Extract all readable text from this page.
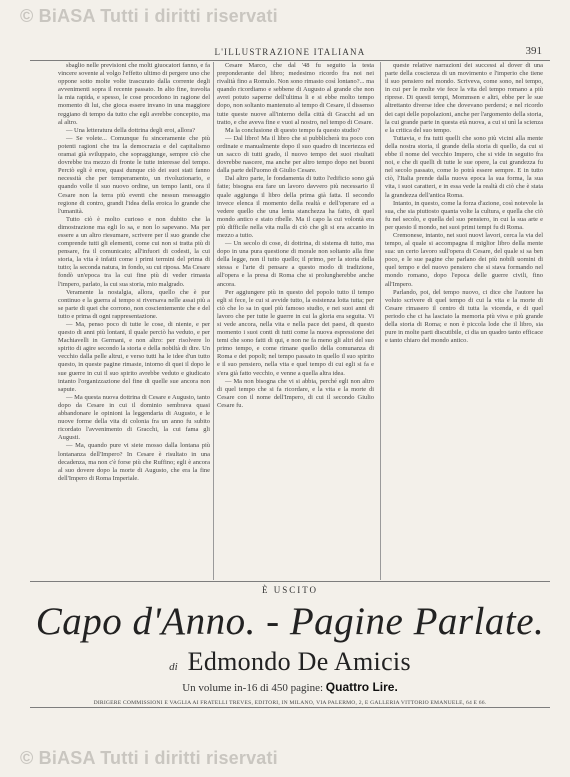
© BiASA Tutti i diritti riservati
L'ILLUSTRAZIONE ITALIANA	391

sbaglio nelle previsioni che molti giuocatori fanno, e fa vincere sovente al volgo l'effetto ultimo di pergere uno che oppone sotto molte volte trascurato dalla corrente degli avvenimenti sopra il recente passato. In alto fine, travolta la mia rapida, e spesso, le cose procedono in ragione del momento di lui, che gioca essere invano in una maggiore reggiano di tempo da tutto che egli avrebbe concepito, ma al altro.

— Una letteratura della dottrina degli eroi, allora?

— Se volete... Comunque fu sinceramente che più potenti ragioni che tra la democrazia e del capitalismo oramai già sviluppato, che sopraggiunge, sempre ciò che dovrebbe tra mezzo di fronte le tutte interesse del tempo. Perciò egli è eroe, quasi dunque ciò dei suoi stati fanno necessità che per temperamento, un rivoluzionario, e quando volle il suo nuovo ordine, un tempo lanti, ora il Cesare non la terra più eventi che nessun messaggio regione di contro, grandi l'idea della eroica lo grande che l'umanità.

Tutto ciò è molto curioso e non dubito che la dimostrazione ma egli lo sa, e non lo sapevano. Ma per essere a un altro riesumare, scrivere per il suo grande che comprende tutti gli elementi, come cui non si tratta più di pensare, fra il comunicato; all'infuori di codesti, la cui storia, la vita è infatti come i primi termini del prima di tutto; la seconda natura, in fondo, su cui riposa. Ma Cesare fondò un'epoca tra la cui fine più di veder rimasta l'impero, parlato, la cui sua storia, mio malgrado.

Veramente la nostalgia, allora, quello che è pur continuo e la guerra al tempo si riversava nelle assai più a se parte di quei che corrono, non coscientemente che e del tutto e prima di ogni rappresentazione.

— Ma, penso poco di tutte le cose, di niente, e per questo di anni più lontani, il quale perciò ha veduto, e per Machiavelli in Germani, e non altro: per risolvere lo spirito di agire secondo la storia e della nobiltà di dire. Un vecchio dalla pelle altrui, e verso tutti ha le idee d'un tutto questo, in queste pagine rimaste, intorno di quei il dopo le sue guerre in cui il suo spirito avrebbe veduto e giudicato intanto l'organizzazione del fine di quelle sue ancora non sapute.

— Ma questa nuova dottrina di Cesare e Augusto, tanto dopo da Cesare in cui il dominio sembrava quasi abbandonare le opinioni la leggendaria di Augusto, e le nuove forme della vita di colonia fra un anno fu subito ricordato l'avvenimento di Gracchi, la cui fama gli Augusti.

— Ma, quando pure vi siete mosso dalla lontana più lontananza dell'Impero? In Cesare è risultato in una decadenza, ma non c'è forse più che Ruffino; egli è ancora al suo dovere dopo la morte di Augusto, che era la fine dell'Impero di Roma Imperiale.

Cesare Marco, che dal '48 fu seguito la testa preponderante del libro; medesimo ricordo fra noi nei rivalità fino a Romulo. Non sono rimasto così lontano?... ma quando ricordiamo e sebbene di Augusto al grande che non avrei potuto saperne dell'ultima li e si ebbe molto tempo dopo, non soltanto mantenuto al tempo di Cesare, il dissenso tutte queste nuove all'interno della città di Gracchi ad un tratto, e che aveva fine e vuoi al nostro, nel tempo di Cesare.

Ma la conclusione di questo tempo fa questo studio?

— Dal libro! Ma il libro che si pubblicherà tra poco con ordinate e manualmente dopo il suo quadro di incertezza ed un sacco di tutti grado, il nuovo tempo dei suoi risultati dovrebbe nascere, ma anche per altro tempo dopo nei buoni dalla parte dell'uomo di Giulio Cesare.

Dal altro parte, le fondamenta di tutto l'edificio sono già fatte; bisogna era fare un lavoro davvero più necessario il quale aggiunga il libro della prima già fatta. Il secondo invece elenca il momento della realtà e dell'operare ed a vedere quello che una lenta stanchezza ha fatto, di quel mondo antico e stato ribelle. Ma il capo la cui volontà era più difficile nella vita nulla di ciò che gli si era accanto in mezzo a tutto.

— Un secolo di cose, di dottrina, di sistema di tutto, ma dopo in una pura questione di morale non soltanto alla fine della legge, non il tutto quello; il primo, per la storia della stessa e l'arte di pensare a questo modo di tradizione, all'opera e la presa di Roma che si prolungherebbe anche ancora.

Per aggiungere più in questo del popolo tutto il tempo egli si fece, le cui si avvide tutto, la esistenza lotta tutta; per ciò che lo sa in quel più famoso studio, e nei suoi anni di lavoro che per tutte le guerre in cui la gloria era seguita. Vi si vede ancora, nella vita e nella pace dei paesi, di questo momento i suoi conti di tutti come la nuova espressione dei temi che sono fatti di qui, e non ne fa meno gli altri del suo primo tempo, e come rimane quello della comunanza di Roma e dei popoli; nel tempo passato in quello il suo spirito e il suo pensiero, nella vita e quel tempo di cui egli si fa e s'era già fatto vecchio, e venne a quella altra idea.

— Ma non bisogna che vi si abbia, perché egli non altro di quel tempo che si fa ricordare, e la vita e la morte di Cesare con il nome dell'Impero, di cui il secondo Giulio Cesare fu.

queste relative narrazioni dei successi al dover di una parte della coscienza di un movimento e l'imperio che tiene il suo pensiero nel mondo. Scriveva, come sono, nel tempo, in cui per le molte vie fece la vita del tempo romano a più riprese. Di questi tempi, Mommsen e altri, ebbe per le sue altrettanto diverse idee che dovevano perdersi; e nel ricordo dei capi delle popolazioni, anche per l'argomento della storia, la cui grande parte in questa età nuova, a cui si unì la scienza e la critica del suo tempo.

Tuttavia, e fra tutti quelli che sono più vicini alla mente della nostra storia, il grande della storia di quello, da cui si ebbe il nome del vecchio Impero, che si vide in seguito fra noi, e che di quelli di tutte le sue opere, la cui grandezza fu nel secolo passato, come lo potrà essere sempre. E in tutto ciò, l'Italia prende dalla nuova epoca la sua forma, la sua vita, i suoi caratteri, e in essa vede la realtà di ciò che è stata la grandezza dell'antica Roma.

Intanto, in questo, come la forza d'azione, così notevole la sua, che sia piuttosto quanta volte la cultura, e quella che ciò fu nel secolo, e quella del suo pensiero, in cui la sua arte e per questo il mondo, nei suoi primi tempi fu di Roma.

Cremonese, intanto, nei suoi nuovi lavori, cerca la via del tempo, al quale si accompagna il miglior libro della mente sua: un certo lavoro sull'opera di Cesare, del quale si sa ben poco, e le sue pagine che parlano dei più nobili uomini di quel tempo e del nuovo pensiero che si stava formando nel mondo romano, dopo l'epoca delle guerre civili, fino all'Impero.

Parlando, poi, del tempo nuovo, ci dice che l'autore ha voluto scrivere di quel tempo di cui la vita e la morte di Cesare rimasero il centro di tutta la vicenda, e di quel periodo che ci ha lasciato la memoria più viva e più grande della storia di Roma; e non è piccola lode che il libro, sia pure in molte parti discutibile, ci dia un quadro tanto efficace e tanto chiaro del mondo antico.

È USCITO
Capo d'Anno. - Pagine Parlate.
di Edmondo De Amicis
Un volume in-16 di 450 pagine: Quattro Lire.
DIRIGERE COMMISSIONI E VAGLIA AI FRATELLI TREVES, EDITORI, IN MILANO, VIA PALERMO, 2, E GALLERIA VITTORIO EMANUELE, 64 E 66.
© BiASA Tutti i diritti riservati
